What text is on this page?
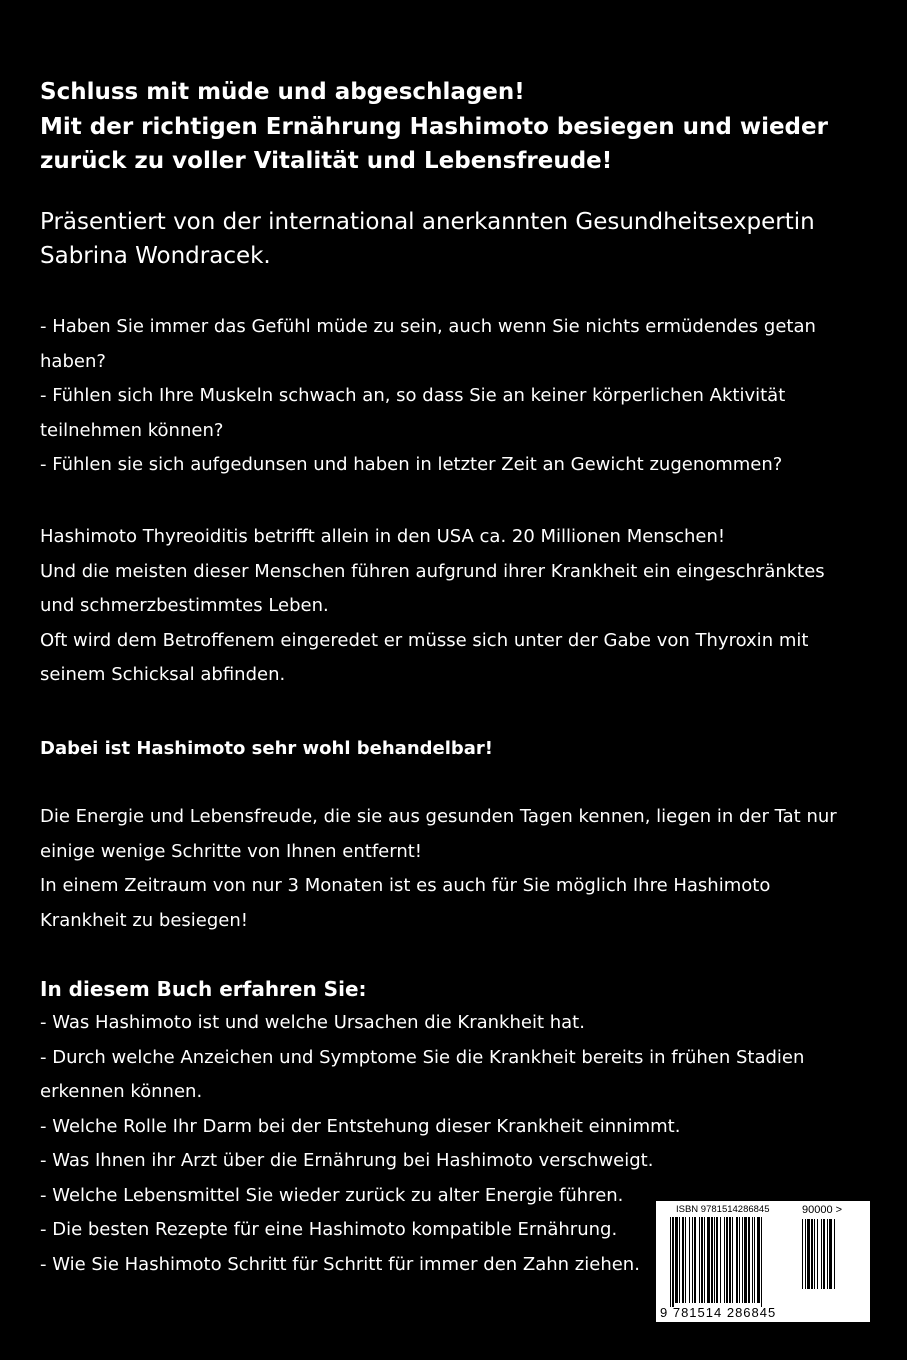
Schluss mit müde und abgeschlagen!

Mit der richtigen Ernährung Hashimoto besiegen und wieder

zurück zu voller Vitalität und Lebensfreude!

Präsentiert von der international anerkannten Gesundheitsexpertin

Sabrina Wondracek.

- Haben Sie immer das Gefühl müde zu sein, auch wenn Sie nichts ermüdendes getan

haben?

- Fühlen sich Ihre Muskeln schwach an, so dass Sie an keiner körperlichen Aktivität

teilnehmen können?

- Fühlen sie sich aufgedunsen und haben in letzter Zeit an Gewicht zugenommen?

Hashimoto Thyreoiditis betrifft allein in den USA ca. 20 Millionen Menschen!

Und die meisten dieser Menschen führen aufgrund ihrer Krankheit ein eingeschränktes

und schmerzbestimmtes Leben.

Oft wird dem Betroffenem eingeredet er müsse sich unter der Gabe von Thyroxin mit

seinem Schicksal abfinden.

Dabei ist Hashimoto sehr wohl behandelbar!

Die Energie und Lebensfreude, die sie aus gesunden Tagen kennen, liegen in der Tat nur

einige wenige Schritte von Ihnen entfernt!

In einem Zeitraum von nur 3 Monaten ist es auch für Sie möglich Ihre Hashimoto

Krankheit zu besiegen!

In diesem Buch erfahren Sie:

- Was Hashimoto ist und welche Ursachen die Krankheit hat.

- Durch welche Anzeichen und Symptome Sie die Krankheit bereits in frühen Stadien

erkennen können.

- Welche Rolle Ihr Darm bei der Entstehung dieser Krankheit einnimmt.

- Was Ihnen ihr Arzt über die Ernährung bei Hashimoto verschweigt.

- Welche Lebensmittel Sie wieder zurück zu alter Energie führen.

- Die besten Rezepte für eine Hashimoto kompatible Ernährung.

- Wie Sie Hashimoto Schritt für Schritt für immer den Zahn ziehen.

ISBN 9781514286845	90000 >
9 781514 286845
